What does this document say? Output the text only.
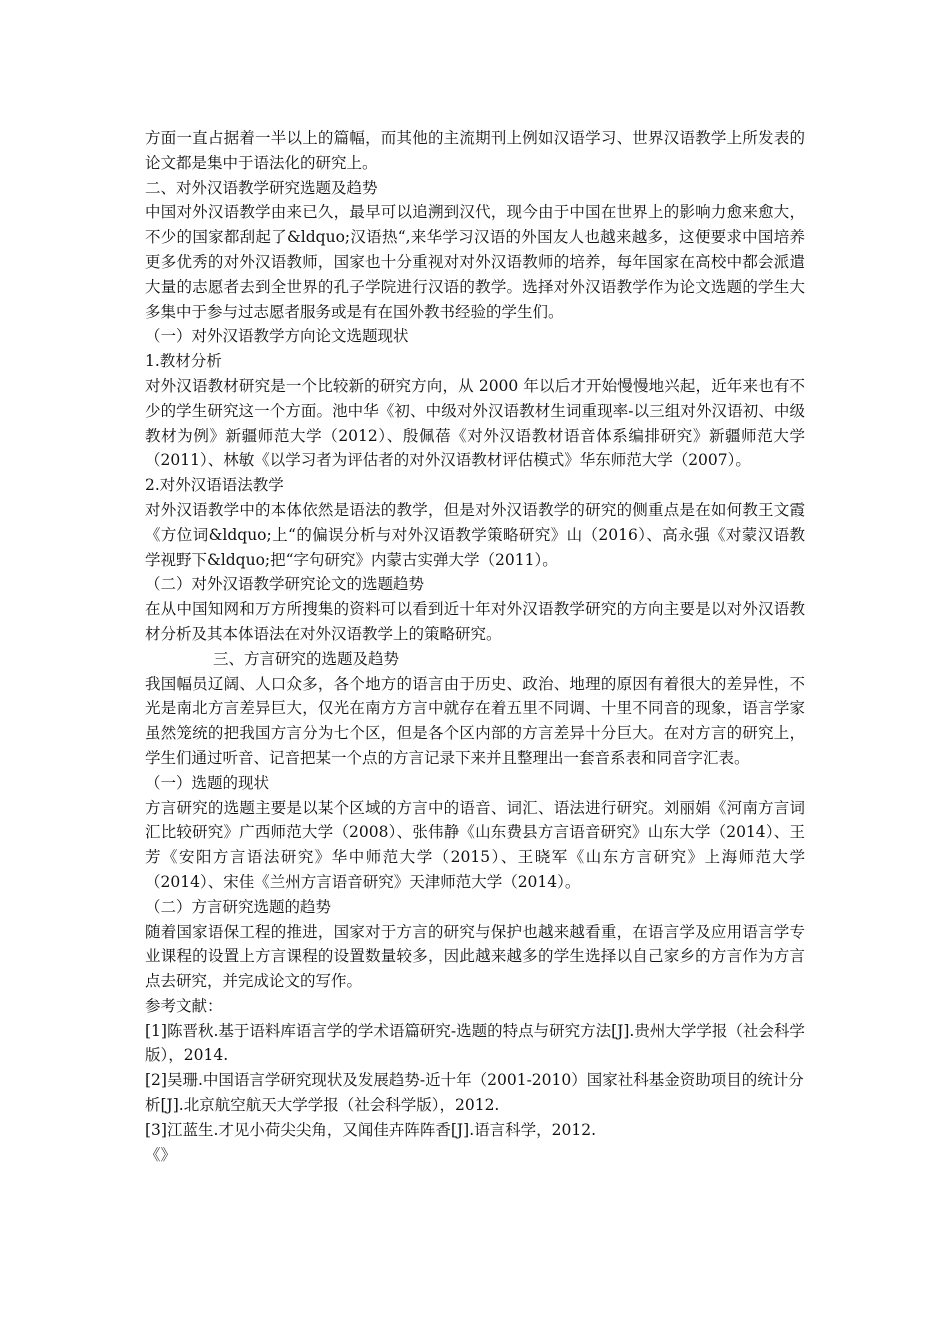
方面一直占据着一半以上的篇幅，而其他的主流期刊上例如汉语学习、世界汉语教学上所发表的论文都是集中于语法化的研究上。

二、对外汉语教学研究选题及趋势

中国对外汉语教学由来已久，最早可以追溯到汉代，现今由于中国在世界上的影响力愈来愈大，不少的国家都刮起了&ldquo;汉语热“,来华学习汉语的外国友人也越来越多，这便要求中国培养更多优秀的对外汉语教师，国家也十分重视对对外汉语教师的培养，每年国家在高校中都会派遣大量的志愿者去到全世界的孔子学院进行汉语的教学。选择对外汉语教学作为论文选题的学生大多集中于参与过志愿者服务或是有在国外教书经验的学生们。

（一）对外汉语教学方向论文选题现状

1.教材分析

对外汉语教材研究是一个比较新的研究方向，从 2000 年以后才开始慢慢地兴起，近年来也有不少的学生研究这一个方面。池中华《初、中级对外汉语教材生词重现率-以三组对外汉语初、中级教材为例》新疆师范大学（2012）、殷佩蓓《对外汉语教材语音体系编排研究》新疆师范大学（2011）、林敏《以学习者为评估者的对外汉语教材评估模式》华东师范大学（2007）。

2.对外汉语语法教学

对外汉语教学中的本体依然是语法的教学，但是对外汉语教学的研究的侧重点是在如何教王文霞《方位词&ldquo;上“的偏误分析与对外汉语教学策略研究》山（2016）、高永强《对蒙汉语教学视野下&ldquo;把“字句研究》内蒙古实弹大学（2011）。

（二）对外汉语教学研究论文的选题趋势

在从中国知网和万方所搜集的资料可以看到近十年对外汉语教学研究的方向主要是以对外汉语教材分析及其本体语法在对外汉语教学上的策略研究。

三、方言研究的选题及趋势

我国幅员辽阔、人口众多，各个地方的语言由于历史、政治、地理的原因有着很大的差异性，不光是南北方言差异巨大，仅光在南方方言中就存在着五里不同调、十里不同音的现象，语言学家虽然笼统的把我国方言分为七个区，但是各个区内部的方言差异十分巨大。在对方言的研究上，学生们通过听音、记音把某一个点的方言记录下来并且整理出一套音系表和同音字汇表。

（一）选题的现状

方言研究的选题主要是以某个区域的方言中的语音、词汇、语法进行研究。刘丽娟《河南方言词汇比较研究》广西师范大学（2008）、张伟静《山东费县方言语音研究》山东大学（2014）、王芳《安阳方言语法研究》华中师范大学（2015）、王晓军《山东方言研究》上海师范大学（2014）、宋佳《兰州方言语音研究》天津师范大学（2014）。

（二）方言研究选题的趋势

随着国家语保工程的推进，国家对于方言的研究与保护也越来越看重，在语言学及应用语言学专业课程的设置上方言课程的设置数量较多，因此越来越多的学生选择以自己家乡的方言作为方言点去研究，并完成论文的写作。

参考文献：

[1]陈晋秋.基于语料库语言学的学术语篇研究-选题的特点与研究方法[J].贵州大学学报（社会科学版），2014.

[2]吴珊.中国语言学研究现状及发展趋势-近十年（2001-2010）国家社科基金资助项目的统计分析[J].北京航空航天大学学报（社会科学版），2012.

[3]江蓝生.才见小荷尖尖角，又闻佳卉阵阵香[J].语言科学，2012.

《》
